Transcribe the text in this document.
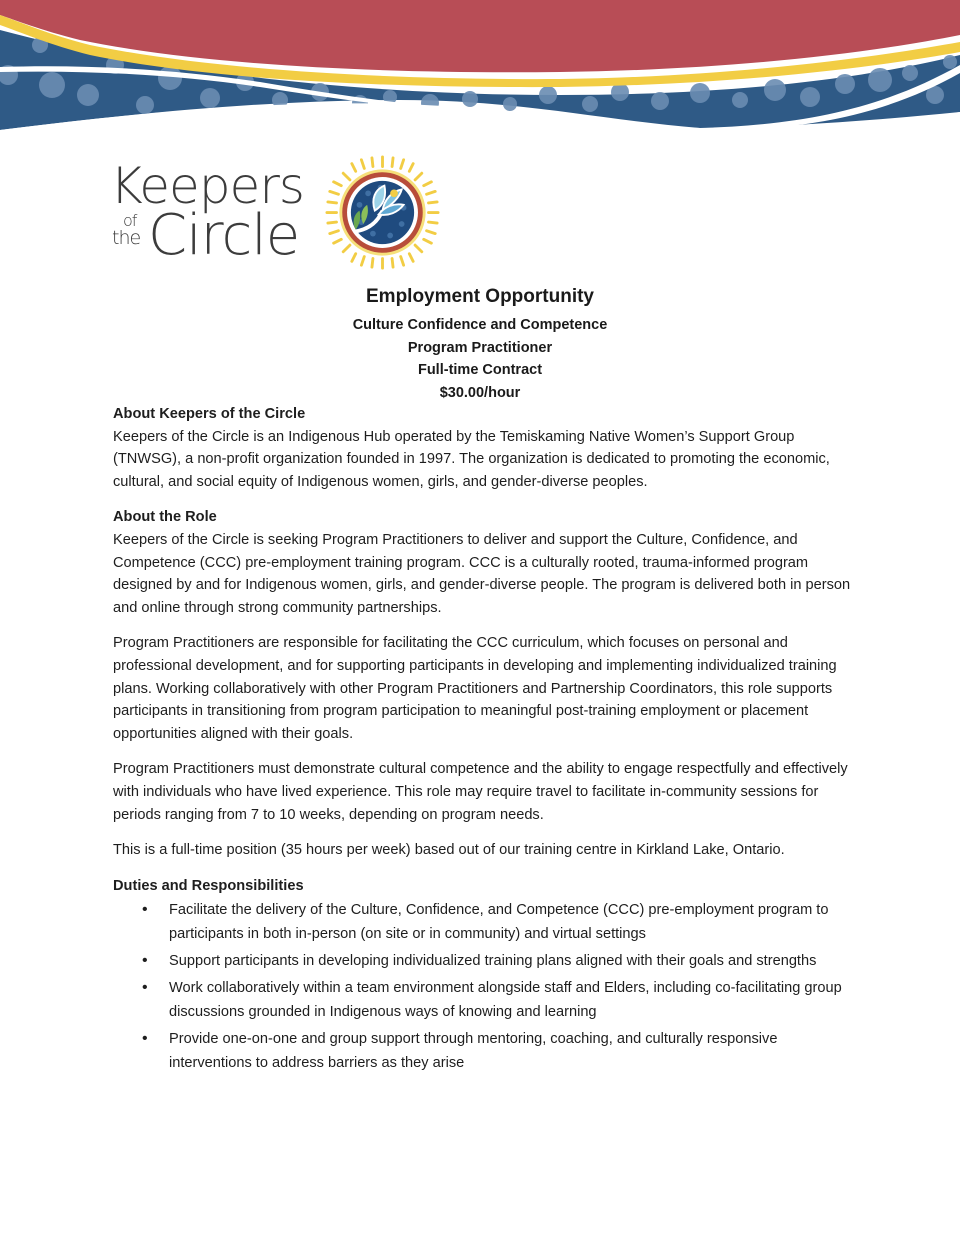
Keepers
of
the Circle

Employment Opportunity

Culture Confidence and Competence

Program Practitioner

Full-time Contract

$30.00/hour

About Keepers of the Circle

Keepers of the Circle is an Indigenous Hub operated by the Temiskaming Native Women’s Support Group (TNWSG), a non-profit organization founded in 1997. The organization is dedicated to promoting the economic, cultural, and social equity of Indigenous women, girls, and gender-diverse peoples.

About the Role

Keepers of the Circle is seeking Program Practitioners to deliver and support the Culture, Confidence, and Competence (CCC) pre-employment training program. CCC is a culturally rooted, trauma-informed program designed by and for Indigenous women, girls, and gender-diverse people. The program is delivered both in person and online through strong community partnerships.

Program Practitioners are responsible for facilitating the CCC curriculum, which focuses on personal and professional development, and for supporting participants in developing and implementing individualized training plans. Working collaboratively with other Program Practitioners and Partnership Coordinators, this role supports participants in transitioning from program participation to meaningful post-training employment or placement opportunities aligned with their goals.

Program Practitioners must demonstrate cultural competence and the ability to engage respectfully and effectively with individuals who have lived experience. This role may require travel to facilitate in-community sessions for periods ranging from 7 to 10 weeks, depending on program needs.

This is a full-time position (35 hours per week) based out of our training centre in Kirkland Lake, Ontario.

Duties and Responsibilities

• Facilitate the delivery of the Culture, Confidence, and Competence (CCC) pre-employment program to participants in both in-person (on site or in community) and virtual settings
• Support participants in developing individualized training plans aligned with their goals and strengths
• Work collaboratively within a team environment alongside staff and Elders, including co-facilitating group discussions grounded in Indigenous ways of knowing and learning
• Provide one-on-one and group support through mentoring, coaching, and culturally responsive interventions to address barriers as they arise
